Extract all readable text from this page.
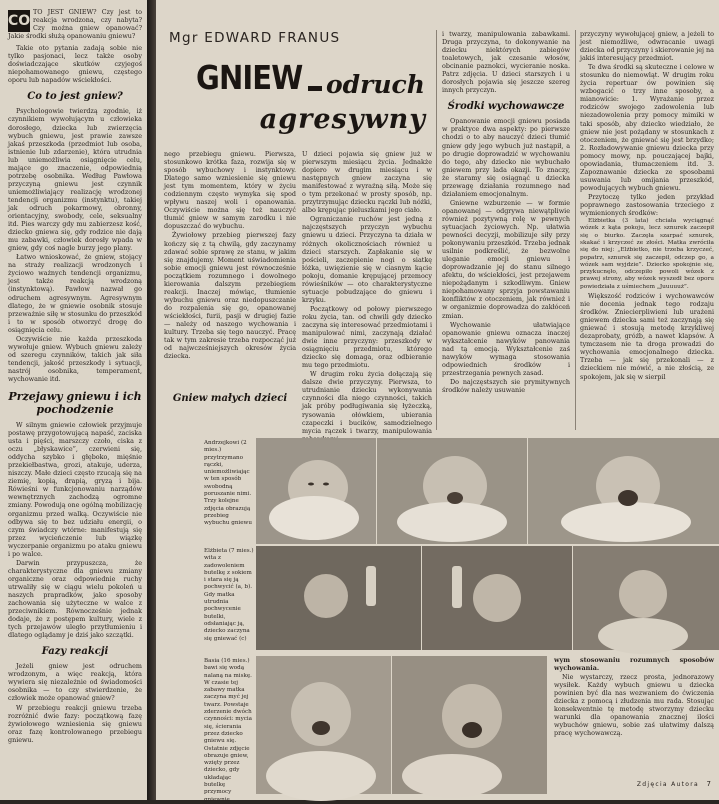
CO
TO JEST GNIEW? Czy jest to reakcja wrodzona, czy nabyta? Czy można gniew opanować? Jakie środki służą opanowaniu gniewu?

Takie oto pytania zadają sobie nie tylko pasjonaci, lecz także osoby doświadczające skutków czyjegoś niepohamowanego gniewu, częstego oporu lub napadów wściekłości.

Co to jest gniew?

Psychologowie twierdzą zgodnie, iż czynnikiem wywołującym u człowieka dorosłego, dziecka lub zwierzęcia wybuch gniewu, jest prawie zawsze jakaś przeszkoda (przedmiot lub osoba, istnienie lub zdarzenie), która utrudnia lub uniemożliwia osiągnięcie celu, mające go znaczenie, odpowiednią potrzebę osobnika. Według Pawłowa przyczyną gniewu jest czynnik uniemożliwiający realizację wrodzonej tendencji organizmu (instynktu), takiej jak odruch pokarmowy, obronny, orientacyjny, swobody, cele, seksualny itd. Pies warczy gdy mu zabierzesz kość, dziecko gniewa się, gdy rodzice nie dają mu zabawki, człowiek dorosły wpada w gniew, gdy coś nagle burzy jego plany.

Łatwo wnioskować, że gniew, stojący na straży realizacji wrodzonych i życiowo ważnych tendencji organizmu, jest także reakcją wrodzoną (instynktową). Pawłow nazwał go odruchem agresywnym. Agresywnym dlatego, że w gniewie osobnik stosuje przeważnie siłę w stosunku do przeszkód i to w sposób otworzyć drogę do osiągnięcia celu.

Oczywiście nie każda przeszkoda wywołuje gniew. Wybuch gniewu zależy od szeregu czynników, takich jak siła tendencji, jakość przeszkody i sytuacji, nastrój osobnika, temperament, wychowanie itd.

Przejawy gniewu i ich pochodzenie

W silnym gniewie człowiek przyjmuje postawę przygotowującą napaść, zaciska usta i pięści, marszczy czoło, ciska z oczu „błyskawice”, czerwieni się, oddycha szybko i głęboko, mięśnie przekiełbastwa, grozi, atakuje, uderza, niszczy. Małe dzieci często rzucają się na ziemię, kopią, drapią, gryzą i bija. Rówieśni w funkcjonowaniu narządów wewnętrznych zachodzą ogromne zmiany. Powodują one ogólną mobilizację organizmu przed walką. Oczywiście nie odbywa się to bez udziału energii, o czym świadczy wtórne: manifestują się przez wycieńczenie lub wiązkę wyczerpanie organizmu po ataku gniewu i po walce.

Darwin przypuszcza, że charakterystyczne dla gniewu zmiany organiczne oraz odpowiednie ruchy utrwaliły się w ciągu wielu pokoleń u naszych prapradków, jako sposoby zachowania się użyteczne w walce z przeciwnikiem. Równocześnie jednak dodaje, że z postępem kultury, wiele z tych przejawów uległo przytłumieniu i dlatego oglądamy je dziś jako szczątki.

Fazy reakcji

Jeżeli gniew jest odruchem wrodzonym, a więc reakcją, która wywiera się niezależnie od świadomości osobnika — to czy stwierdzenie, że człowiek może opanować gniew?

W przebiegu reakcji gniewu trzeba rozróżnić dwie fazy: początkową fazę żywiołowego wzniesienia się gniewu oraz fazę kontrolowanego przebiegu gniewu.

Mgr EDWARD FRANUS
GNIEW odruch
agresywny

nego przebiegu gniewu. Pierwsza, stosunkowo krótka faza, rozwija się w sposób wybuchowy i instynktowy. Dlatego samo wzniesienie się gniewu jest tym momentem, który w życiu codziennym często wymyka się spod wpływu naszej woli i opanowania. Oczywiście można się też nauczyć tłumić gniew w samym zarodku i nie dopuszczać do wybuchu.

Żywiołowy przebieg pierwszej fazy kończy się z tą chwilą, gdy zaczynamy zdawać sobie sprawę ze stanu, w jakim się znajdujemy. Moment uświadomienia sobie emocji gniewu jest równocześnie początkiem rozumnego i dowolnego kierowania dalszym przebiegiem reakcji. Inaczej mówiąc, tłumienie wybuchu gniewu oraz niedopuszczanie do rozpalenia się go, opanowanej wściekłości, furii, pasji w drugiej fazie — należy od naszego wychowania i kultury. Trzeba się tego nauczyć. Pracę tak w tym zakresie trzeba rozpocząć już od najwcześniejszych okresów życia dziecka.

U dzieci pojawia się gniew już w pierwszym miesiącu życia. Jednakże dopiero w drugim miesiącu i w następnych gniew zaczyna się manifestować z wyraźną siłą. Może się o tym przekonać w prosty sposób, np. przytrzymując dziecku rączki lub nóżki, albo krępując pieluszkami jego ciało.

Ograniczanie ruchów jest jedną z najczęstszych przyczyn wybuchu gniewu u dzieci. Przyczyna ta działa w różnych okolicznościach również u dzieci starszych. Zapłakanie się w pościeli, zaczepienie nogi o siatkę łóżka, uwięzienie się w ciasnym kącie pokoju, domanie krępującej przemocy rówieśników — oto charakterystyczne sytuacje pobudzające do gniewu i krzyku.

Początkowy od połowy pierwszego roku życia, tan. od chwili gdy dziecko zaczyna się interesować przedmiotami i manipulować nimi, zaczynają działać dwie inne przyczyny: przeszkody w osiągnięciu przedmiotu, którego dziecko się domaga, oraz odbieranie mu tego przedmiotu.

W drugim roku życia dołączają się dalsze dwie przyczyny. Pierwsza, to utrudnianie dziecku wykonywania czynności dla niego czynności, takich jak próby podługiwania się łyżeczką, rysowania ołówkiem, ubierania czapeczki i bucików, samodzielnego mycia rączek i twarzy, manipulowania

Gniew małych dzieci

i twarzy, manipulowania zabawkami. Druga przyczyna, to dokonywanie na dziecku niektórych zabiegów toaletowych, jak czesanie włosów, obcinanie paznokci, wycieranie noska. Patrz zdjęcia. U dzieci starszych i u dorosłych pojawia się jeszcze szereg innych przyczyn.

Środki wychowawcze

Opanowanie emocji gniewu posiada w praktyce dwa aspekty: po pierwsze chodzi o to aby nauczyć dzieci tłumić gniew gdy jego wybuch już nastąpił, a po drugie doprowadzić w wychowaniu do tego, aby dziecko nie wybuchało gniewem przy lada okazji. To znaczy, że staramy się osiągnąć u dziecka przewagę działania rozumnego nad działaniem emocjonalnym.

Gniewne wzburzenie — w formie opanowanej — odgrywa niewątpliwie również pozytywną rolę w pewnych sytuacjach życiowych. Np. ułatwia pewności decyzji, mobilizuje siły przy pokonywaniu przeszkód. Trzeba jednak usilnie podkreślić, że bezwolne uleganie emocji gniewu i doprowadzanie jej do stanu silnego afektu, do wściekłości, jest przejawem niepożądanym i szkodliwym. Gniew niepohamowany sprzyja powstawaniu konfliktów z otoczeniem, jak również i w organizmie doprowadza do zakłóceń zmian.

Wychowanie ułatwiające opanowanie gniewu oznacza inaczej wykształcenie nawyków panowania nad tą emocją. Wykształcenie zaś nawyków wymaga stosowania odpowiednich środków i przestrzegania pewnych zasad.

Do najczęstszych sie prymitywnych środków należy usuwanie

przyczyny wywołującej gniew, a jeżeli to jest niemożliwe, odwracanie uwagi dziecka od przyczyny i skierowanie jej na jakiś interesujący przedmiot.

Te dwa środki są skuteczne i celowe w stosunku do niemowląt. W drugim roku życia repertuar ów powinien się wzbogacić o trzy inne sposoby, a mianowicie: 1. Wyrażanie przez rodziców swojego zadowolenia lub niezadowolenia przy pomocy mimiki w taki sposób, aby dziecko wiedziało, że gniew nie jest pożądany w stosunkach z otoczeniem, że gniewać się jest brzydko; 2. Rozładowywanie gniewu dziecka przy pomocy mowy, np. pouczającej bajki, opowiadania, tłumaczeniem itd. 3. Zapoznawanie dziecka ze sposobami usuwania lub omijania przeszkód, powodujących wybuch gniewu.

Przytoczę tylko jeden przykład poprawnego zastosowania trzeciego z wymienionych środków:

Elżbietka (3 lata) chciała wyciągnąć wózek z kąta pokoju, lecz sznurek zaczepił się o biurko. Zaczęła szarpać sznurek, skakać i krzyczeć ze złości. Matka zwróciła się do niej: „Elżbietko, nie trzeba krzyczeć, popatrz, sznurek się zaczepił, odczep go, a wózek sam wyjdzie”. Dziecko spokojnie się, przykucnęło, odczepiło powoli wózek z prawej strony, aby wózek wyszedł bez oporu powiedziała z uśmiechem „Juuuuuż”.

Większość rodziców i wychowawców nie docenia jednak tego rodzaju środków. Zniecierpliwieni lub urażeni gniewem dziecka sami też zaczynają się gniewać i stosują metodę krzykliwej dezaprobaty, gróźb, a nawet klapsów. A tymczasem nie ta droga prowadzi do wychowania emocjonalnego dziecka. Trzeba — jak się przekonali — z dzieckiem nie mówić, a nie złością, ze spokojem, jak się w sierpil

Andrzejkowi (2 mies.) przytrzymano rączki, uniemożliwiając w ten sposób swobodną poruszanie nimi. Trzy kolejne zdjęcia obrazują przebieg wybuchu gniewu
Elżbieta (7 mies.) wita z zadowoleniem butelkę z sokiem i stara się ją pochwycić (a, b). Gdy matka utrudnia pochwycenie butelki, odsłaniając ją, dziecko zaczyna się gniewać (c)
Basia (16 mies.) bawi się wodą nalaną na miskę. W czasie tej zabawy matka zaczyna myć jej twarz. Powstaje zderzenie dwóch czynności: mycia się, ścierania przez dziecko gniewu się. Ostatnie zdjęcie obrazuje gniew, wzięty przez dziecko, gdy układając butelkę przymocy gniewnie

wym stosowaniu rozumnych sposobów wychowania.

Nie wystarczy, rzecz prosta, jednorazowy wysiłek. Każdy wybuch gniewu u dziecka powinien być dla nas wezwaniem do ćwiczenia dziecka z pomocą i złudzenia mu rada. Stosując konsekwentnie tę metodę stworzymy dziecku warunki dla opanowania znacznej ilości wybuchów gniewu, sobie zaś ułatwimy dalszą pracę wychowawczą.

Zdjęcia Autora 7
